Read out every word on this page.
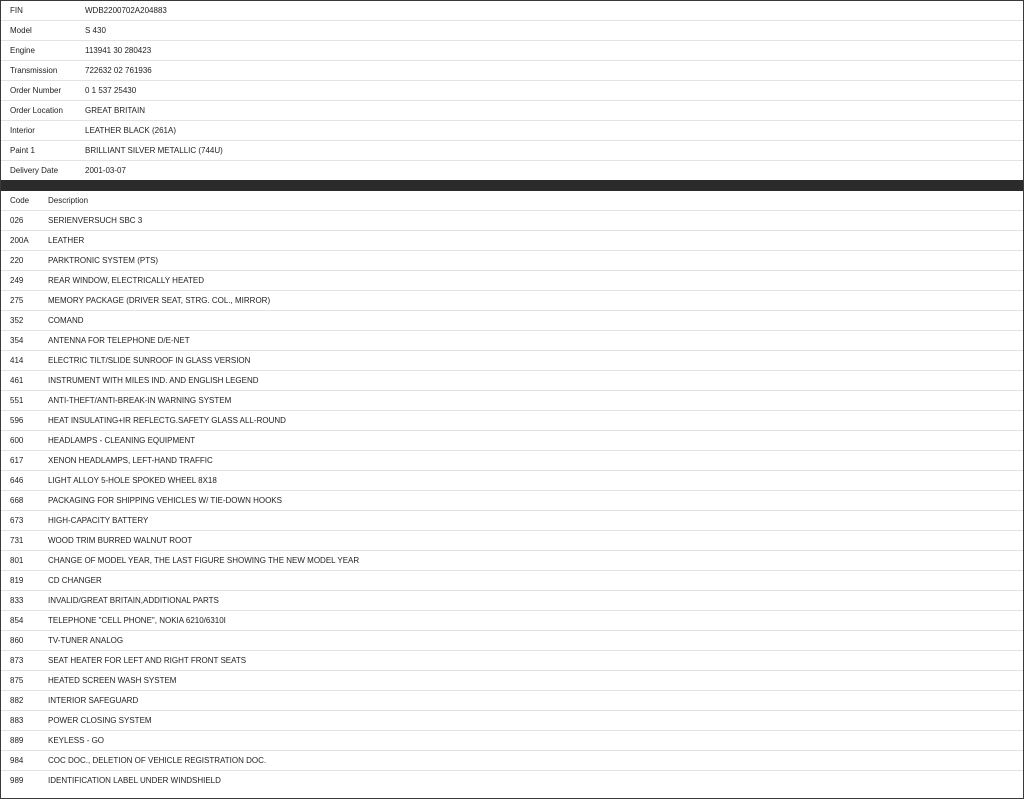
FIN	WDB2200702A204883
Model	S 430
Engine	113941 30 280423
Transmission	722632 02 761936
Order Number	0 1 537 25430
Order Location	GREAT BRITAIN
Interior	LEATHER BLACK (261A)
Paint 1	BRILLIANT SILVER METALLIC (744U)
Delivery Date	2001-03-07
Code	Description
026	SERIENVERSUCH SBC 3
200A	LEATHER
220	PARKTRONIC SYSTEM (PTS)
249	REAR WINDOW, ELECTRICALLY HEATED
275	MEMORY PACKAGE (DRIVER SEAT, STRG. COL., MIRROR)
352	COMAND
354	ANTENNA FOR TELEPHONE D/E-NET
414	ELECTRIC TILT/SLIDE SUNROOF IN GLASS VERSION
461	INSTRUMENT WITH MILES IND. AND ENGLISH LEGEND
551	ANTI-THEFT/ANTI-BREAK-IN WARNING SYSTEM
596	HEAT INSULATING+IR REFLECTG.SAFETY GLASS ALL-ROUND
600	HEADLAMPS - CLEANING EQUIPMENT
617	XENON HEADLAMPS, LEFT-HAND TRAFFIC
646	LIGHT ALLOY 5-HOLE SPOKED WHEEL 8X18
668	PACKAGING FOR SHIPPING VEHICLES W/ TIE-DOWN HOOKS
673	HIGH-CAPACITY BATTERY
731	WOOD TRIM BURRED WALNUT ROOT
801	CHANGE OF MODEL YEAR, THE LAST FIGURE SHOWING THE NEW MODEL YEAR
819	CD CHANGER
833	INVALID/GREAT BRITAIN,ADDITIONAL PARTS
854	TELEPHONE "CELL PHONE", NOKIA 6210/6310I
860	TV-TUNER ANALOG
873	SEAT HEATER FOR LEFT AND RIGHT FRONT SEATS
875	HEATED SCREEN WASH SYSTEM
882	INTERIOR SAFEGUARD
883	POWER CLOSING SYSTEM
889	KEYLESS - GO
984	COC DOC., DELETION OF VEHICLE REGISTRATION DOC.
989	IDENTIFICATION LABEL UNDER WINDSHIELD
